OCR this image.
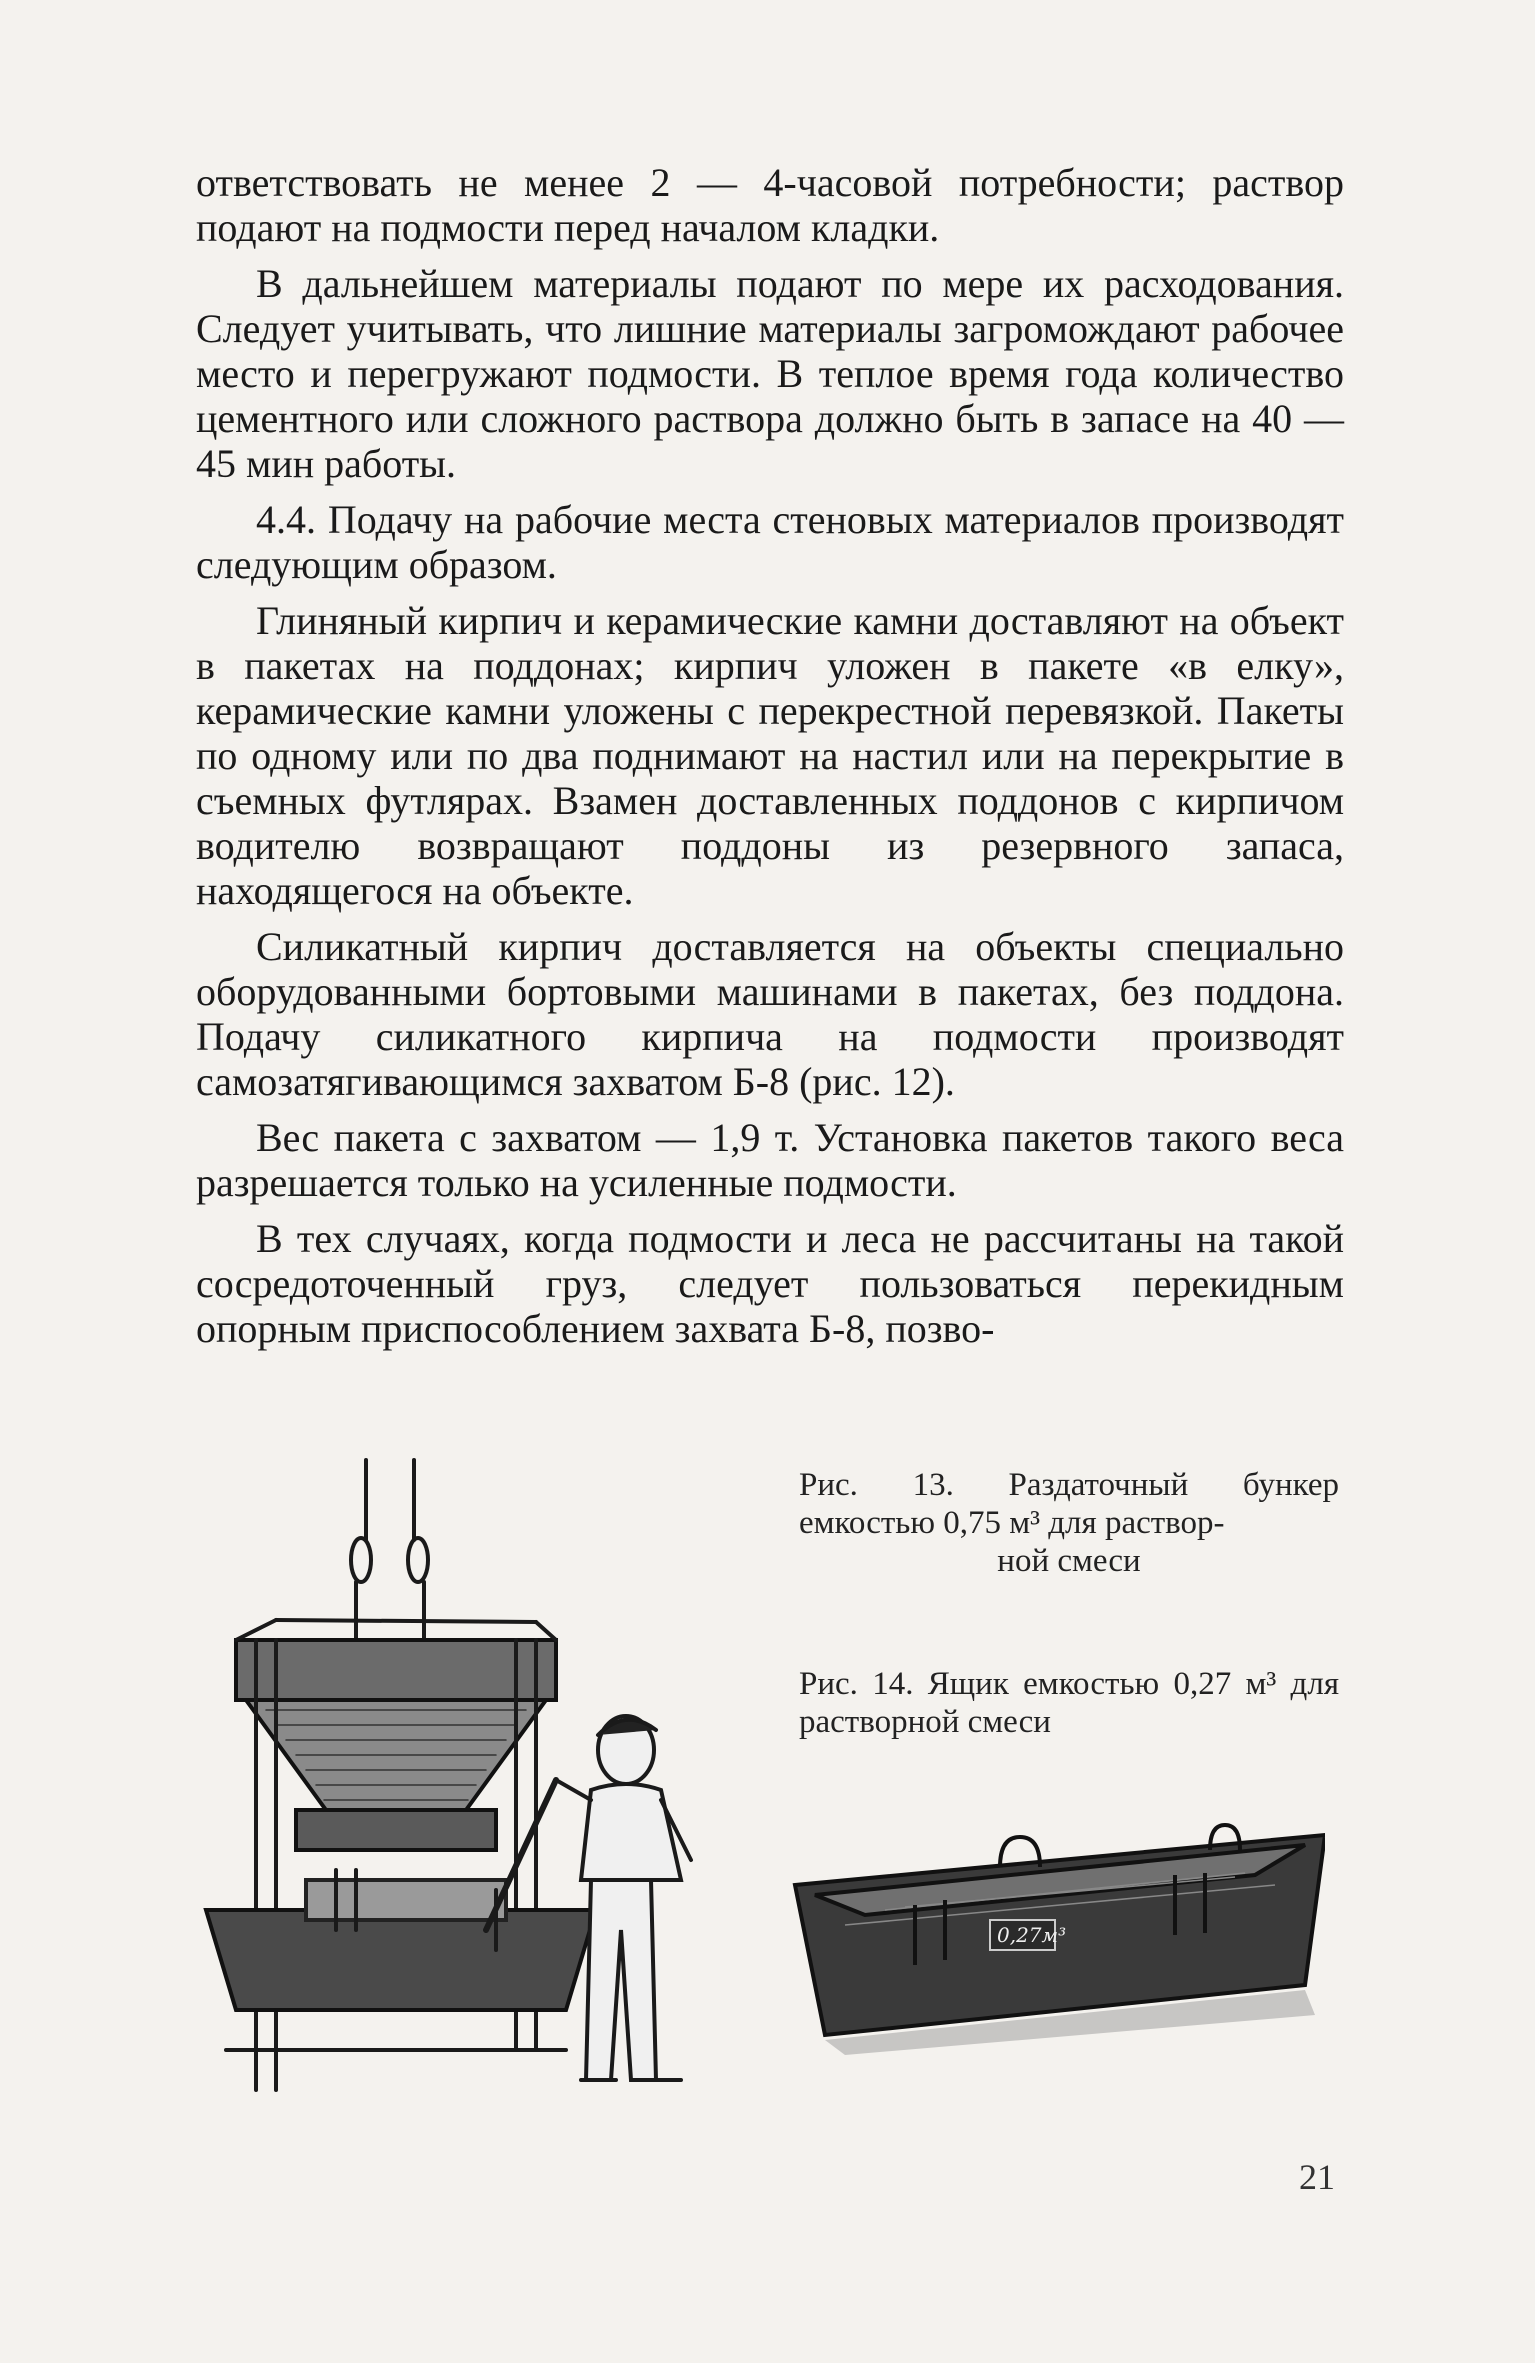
ответствовать не менее 2 — 4-часовой потребности; раствор подают на подмости перед началом кладки.

В дальнейшем материалы подают по мере их расходования. Следует учитывать, что лишние материалы загромождают рабочее место и перегружают подмости. В теплое время года количество цементного или сложного раствора должно быть в запасе на 40 — 45 мин работы.

4.4. Подачу на рабочие места стеновых материалов производят следующим образом.

Глиняный кирпич и керамические камни доставляют на объект в пакетах на поддонах; кирпич уложен в пакете «в елку», керамические камни уложены с перекрестной перевязкой. Пакеты по одному или по два поднимают на настил или на перекрытие в съемных футлярах. Взамен доставленных поддонов с кирпичом водителю возвращают поддоны из резервного запаса, находящегося на объекте.

Силикатный кирпич доставляется на объекты специально оборудованными бортовыми машинами в пакетах, без поддона. Подачу силикатного кирпича на подмости производят самозатягивающимся захватом Б-8 (рис. 12).

Вес пакета с захватом — 1,9 т. Установка пакетов такого веса разрешается только на усиленные подмости.

В тех случаях, когда подмости и леса не рассчитаны на такой сосредоточенный груз, следует пользоваться перекидным опорным приспособлением захвата Б-8, позво-

Рис. 13. Раздаточный бункер емкостью 0,75 м³ для раствор-
ной смеси
Рис. 14. Ящик емкостью 0,27 м³ для растворной смеси
0,27м³
21
